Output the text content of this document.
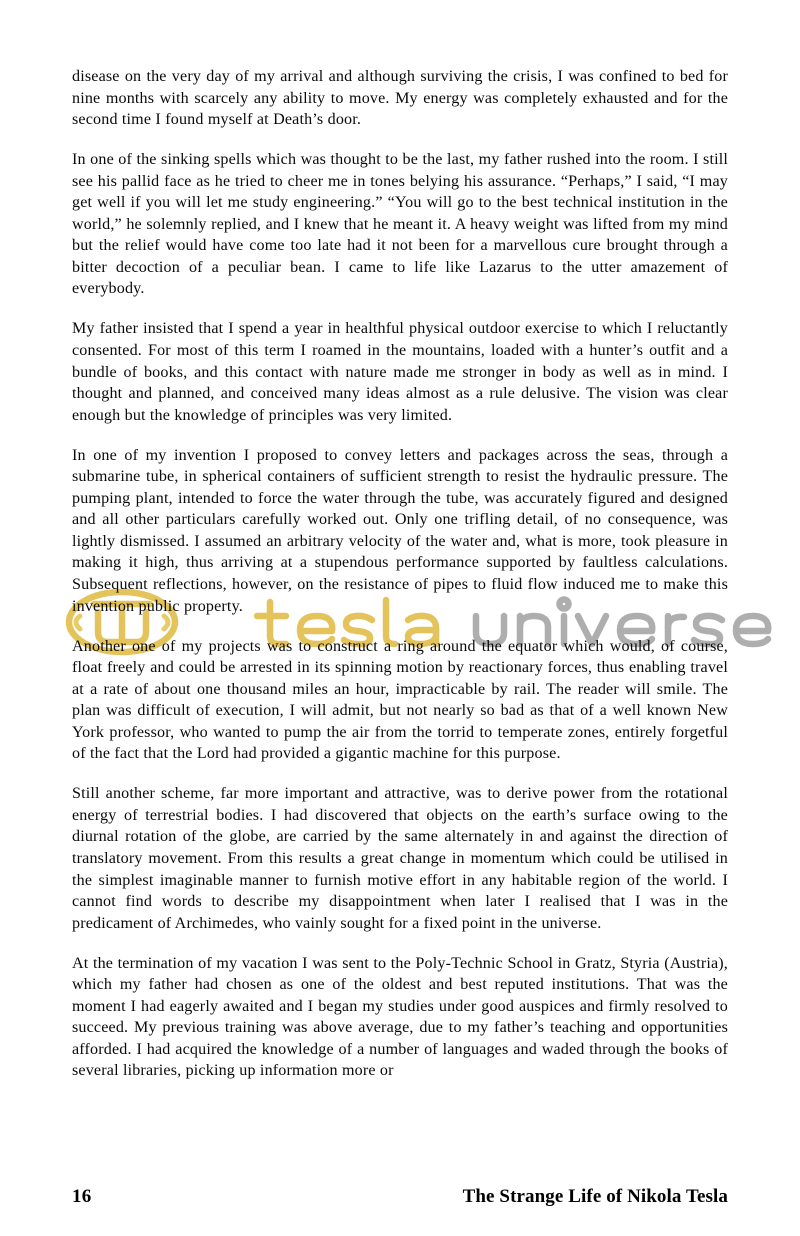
disease on the very day of my arrival and although surviving the crisis, I was confined to bed for nine months with scarcely any ability to move. My energy was completely exhausted and for the second time I found myself at Death’s door.

In one of the sinking spells which was thought to be the last, my father rushed into the room. I still see his pallid face as he tried to cheer me in tones belying his assurance. “Perhaps,” I said, “I may get well if you will let me study engineering.” “You will go to the best technical institution in the world,” he solemnly replied, and I knew that he meant it. A heavy weight was lifted from my mind but the relief would have come too late had it not been for a marvellous cure brought through a bitter decoction of a peculiar bean. I came to life like Lazarus to the utter amazement of everybody.

My father insisted that I spend a year in healthful physical outdoor exercise to which I reluctantly consented. For most of this term I roamed in the mountains, loaded with a hunter’s outfit and a bundle of books, and this contact with nature made me stronger in body as well as in mind. I thought and planned, and conceived many ideas almost as a rule delusive. The vision was clear enough but the knowledge of principles was very limited.

In one of my invention I proposed to convey letters and packages across the seas, through a submarine tube, in spherical containers of sufficient strength to resist the hydraulic pressure. The pumping plant, intended to force the water through the tube, was accurately figured and designed and all other particulars carefully worked out. Only one trifling detail, of no consequence, was lightly dismissed. I assumed an arbitrary velocity of the water and, what is more, took pleasure in making it high, thus arriving at a stupendous performance supported by faultless calculations. Subsequent reflections, however, on the resistance of pipes to fluid flow induced me to make this invention public property.

Another one of my projects was to construct a ring around the equator which would, of course, float freely and could be arrested in its spinning motion by reactionary forces, thus enabling travel at a rate of about one thousand miles an hour, impracticable by rail. The reader will smile. The plan was difficult of execution, I will admit, but not nearly so bad as that of a well known New York professor, who wanted to pump the air from the torrid to temperate zones, entirely forgetful of the fact that the Lord had provided a gigantic machine for this purpose.

Still another scheme, far more important and attractive, was to derive power from the rotational energy of terrestrial bodies. I had discovered that objects on the earth’s surface owing to the diurnal rotation of the globe, are carried by the same alternately in and against the direction of translatory movement. From this results a great change in momentum which could be utilised in the simplest imaginable manner to furnish motive effort in any habitable region of the world. I cannot find words to describe my disappointment when later I realised that I was in the predicament of Archimedes, who vainly sought for a fixed point in the universe.

At the termination of my vacation I was sent to the Poly-Technic School in Gratz, Styria (Austria), which my father had chosen as one of the oldest and best reputed institutions. That was the moment I had eagerly awaited and I began my studies under good auspices and firmly resolved to succeed. My previous training was above average, due to my father’s teaching and opportunities afforded. I had acquired the knowledge of a number of languages and waded through the books of several libraries, picking up information more or

16	The Strange Life of Nikola Tesla
